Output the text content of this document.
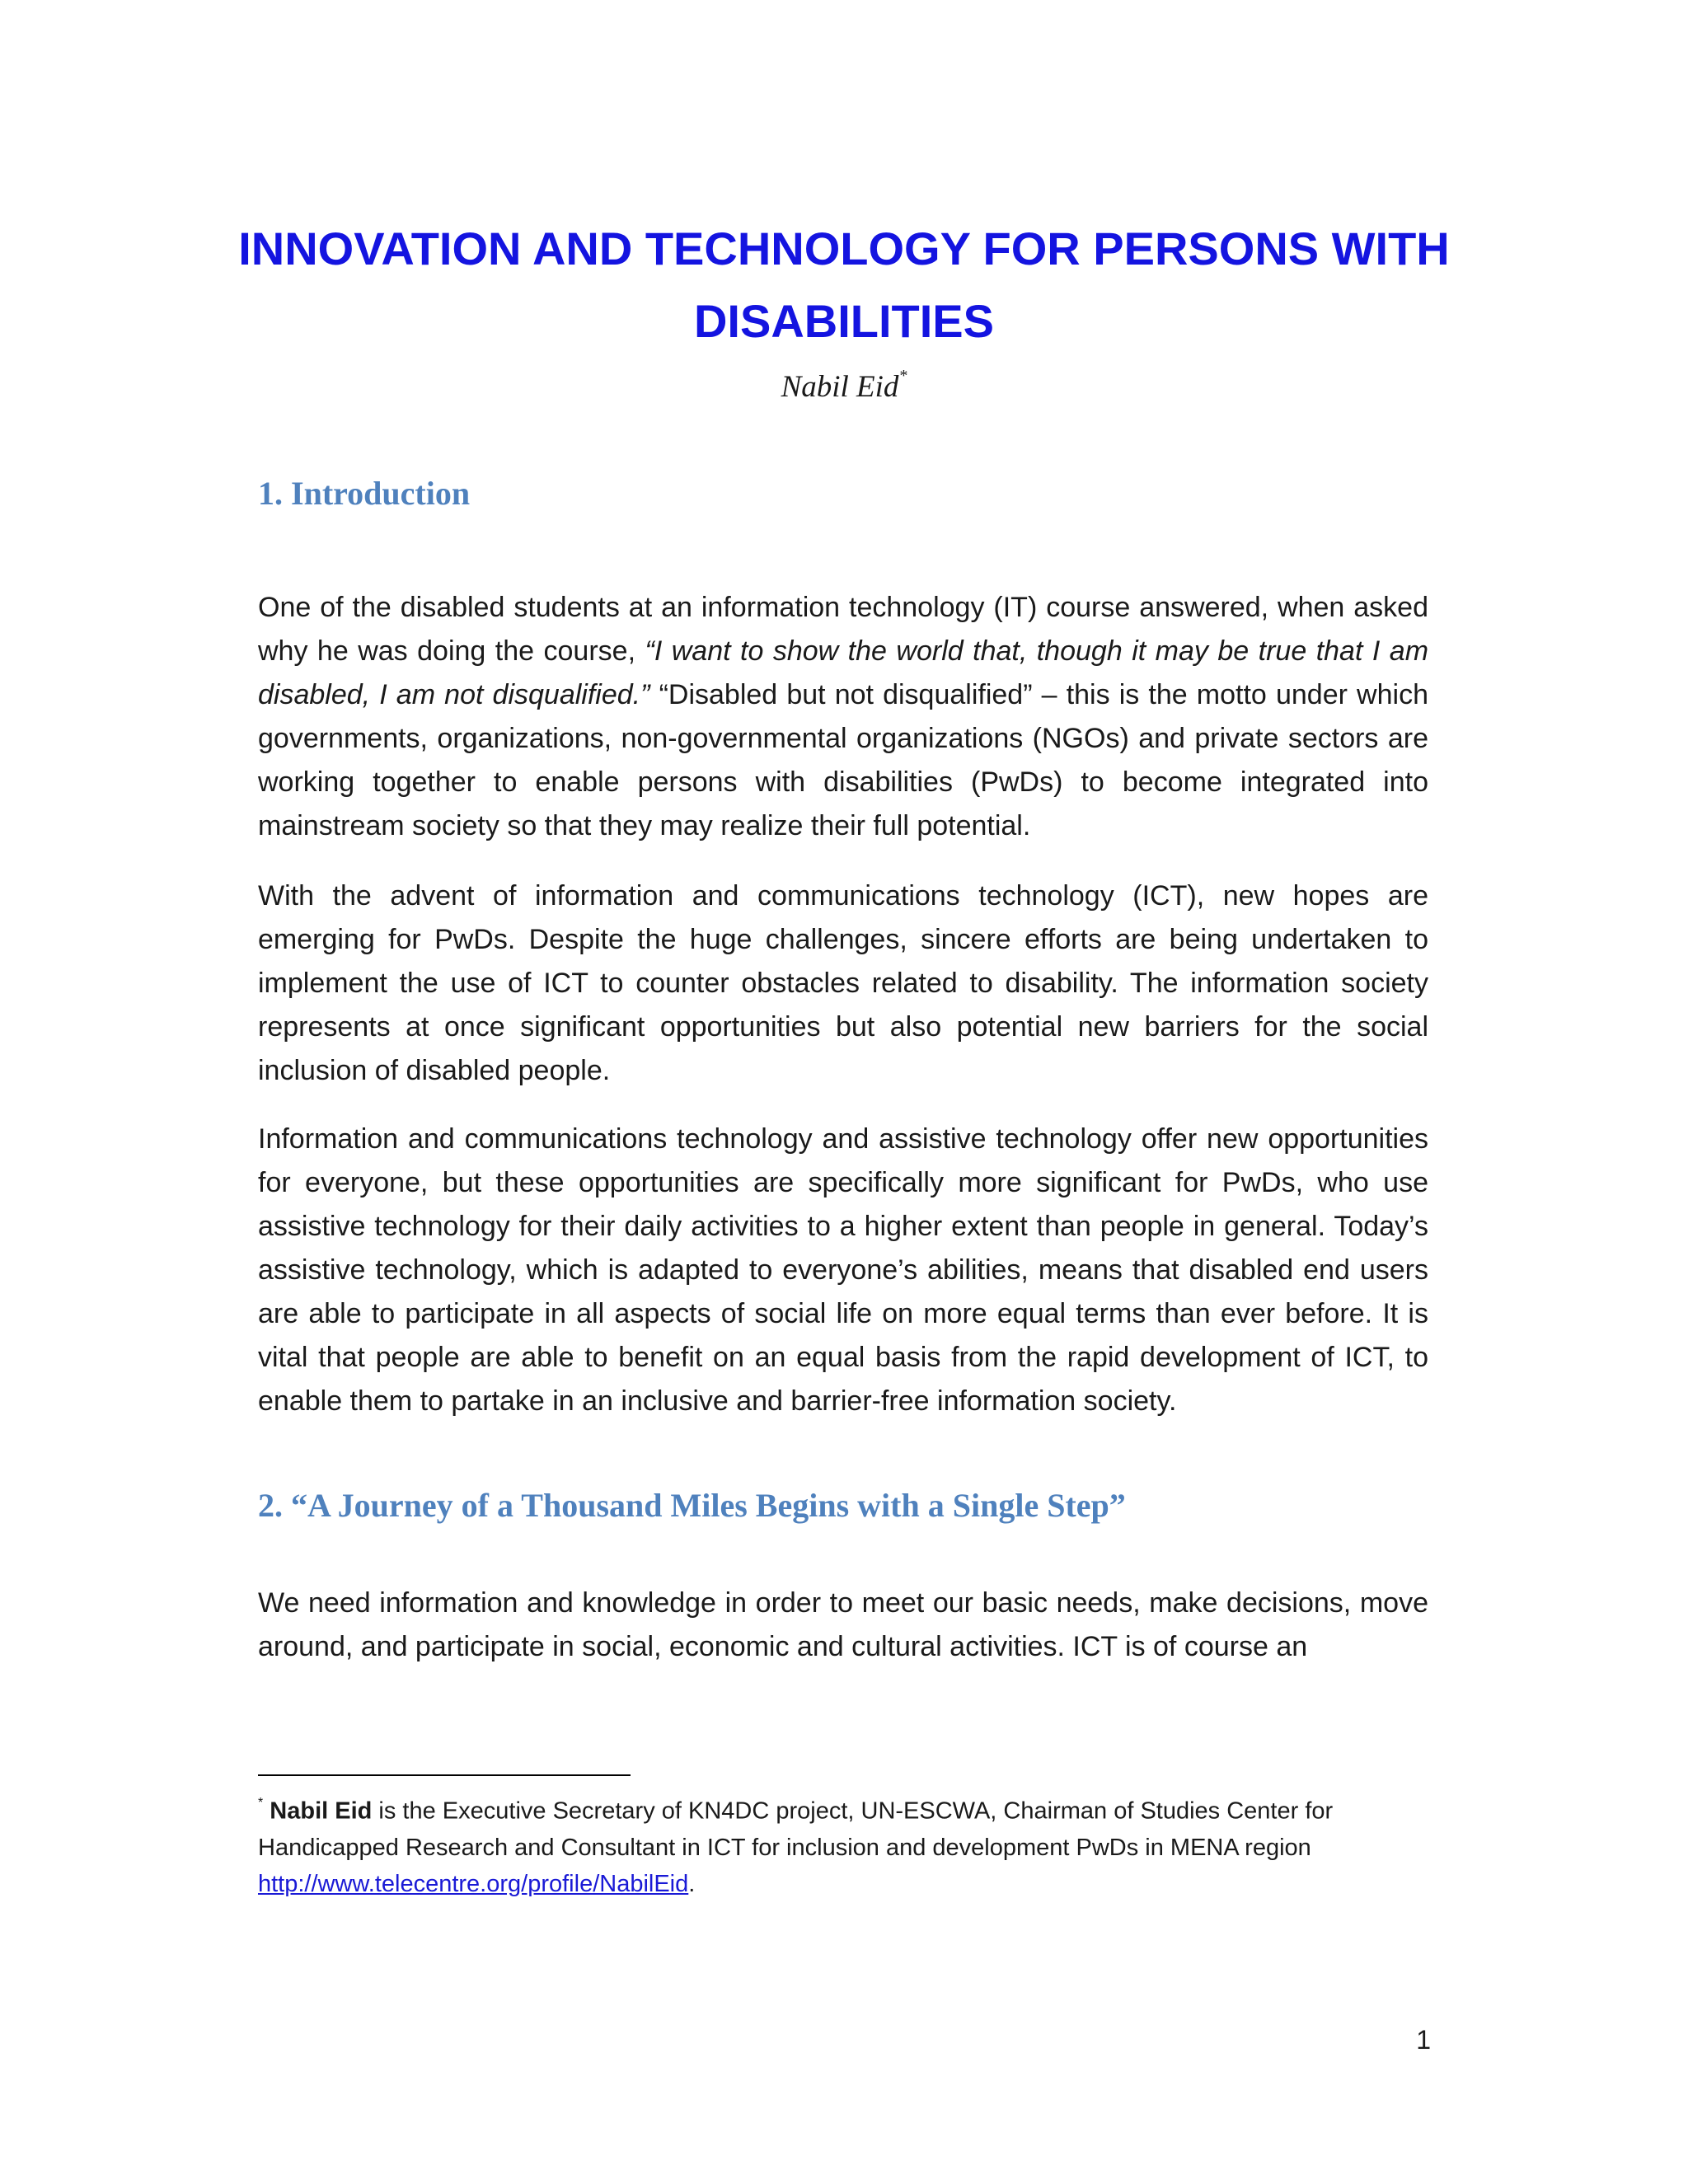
INNOVATION AND TECHNOLOGY FOR PERSONS WITH
DISABILITIES
Nabil Eid*
1. Introduction

One of the disabled students at an information technology (IT) course answered, when asked why he was doing the course, “I want to show the world that, though it may be true that I am disabled, I am not disqualified.” “Disabled but not disqualified” – this is the motto under which governments, organizations, non-governmental organizations (NGOs) and private sectors are working together to enable persons with disabilities (PwDs) to become integrated into mainstream society so that they may realize their full potential.

With the advent of information and communications technology (ICT), new hopes are emerging for PwDs. Despite the huge challenges, sincere efforts are being undertaken to implement the use of ICT to counter obstacles related to disability. The information society represents at once significant opportunities but also potential new barriers for the social inclusion of disabled people.

Information and communications technology and assistive technology offer new opportunities for everyone, but these opportunities are specifically more significant for PwDs, who use assistive technology for their daily activities to a higher extent than people in general. Today’s assistive technology, which is adapted to everyone’s abilities, means that disabled end users are able to participate in all aspects of social life on more equal terms than ever before. It is vital that people are able to benefit on an equal basis from the rapid development of ICT, to enable them to partake in an inclusive and barrier-free information society.

2. “A Journey of a Thousand Miles Begins with a Single Step”

We need information and knowledge in order to meet our basic needs, make decisions, move around, and participate in social, economic and cultural activities. ICT is of course an

* Nabil Eid is the Executive Secretary of KN4DC project, UN-ESCWA, Chairman of Studies Center for Handicapped Research and Consultant in ICT for inclusion and development PwDs in MENA region http://www.telecentre.org/profile/NabilEid.

1
